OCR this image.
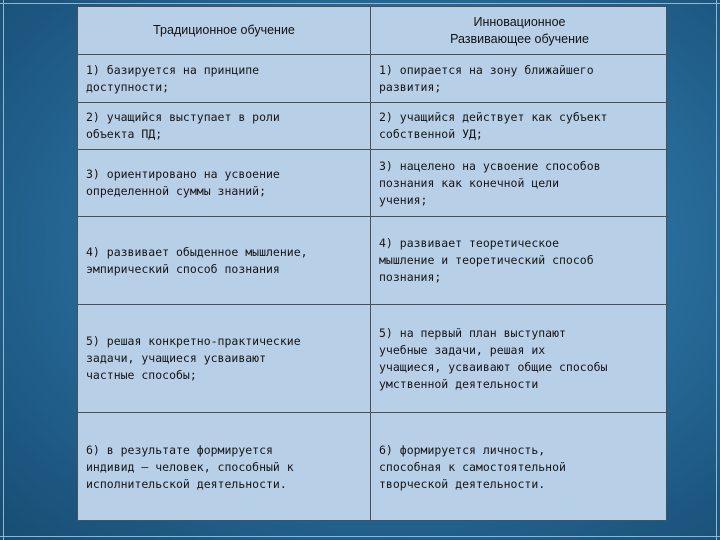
Традиционное обучение
Инновационное
Развивающее обучение
1) базируется на принципе
доступности;
1) опирается на зону ближайшего
развития;
2) учащийся выступает в роли
объекта ПД;
2) учащийся действует как субъект
собственной УД;
3) ориентировано на усвоение
определенной суммы знаний;
3) нацелено на усвоение способов
познания как конечной цели
учения;
4) развивает обыденное мышление,
эмпирический способ познания
4) развивает теоретическое
мышление и теоретический способ
познания;
5) решая конкретно-практические
задачи, учащиеся усваивают
частные способы;
5) на первый план выступают
учебные задачи, решая их
учащиеся, усваивают общие способы
умственной деятельности
6) в результате формируется
индивид – человек, способный к
исполнительской деятельности.
6) формируется личность,
способная к самостоятельной
творческой деятельности.
